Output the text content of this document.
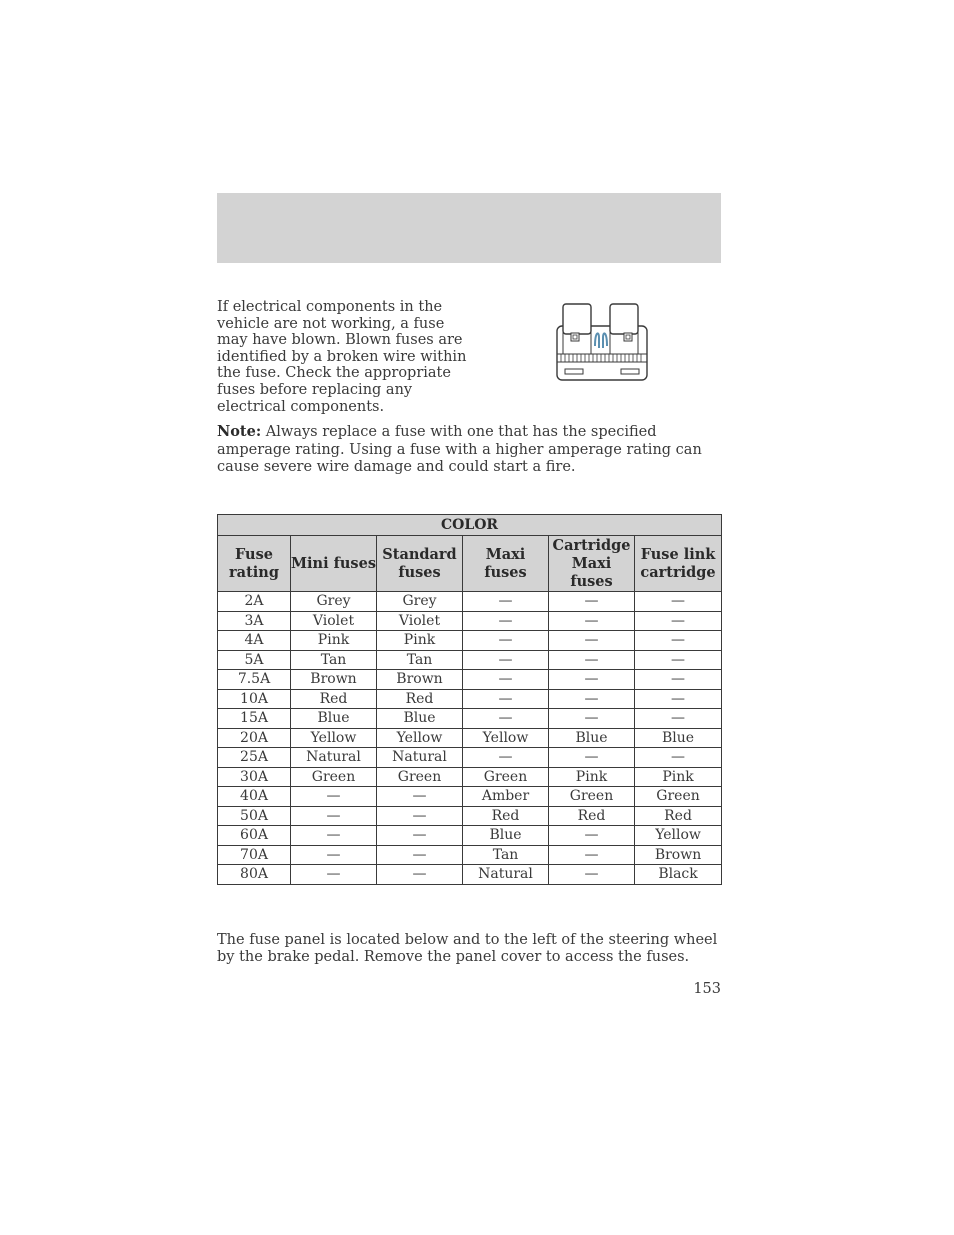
If electrical components in the vehicle are not working, a fuse may have blown. Blown fuses are identified by a broken wire within the fuse. Check the appropriate fuses before replacing any electrical components.
Note: Always replace a fuse with one that has the specified amperage rating. Using a fuse with a higher amperage rating can cause severe wire damage and could start a fire.
COLOR					
Fuse rating	Mini fuses	Standard fuses	Maxi fuses	Cartridge Maxi fuses	Fuse link cartridge
2A	Grey	Grey	—	—	—
3A	Violet	Violet	—	—	—
4A	Pink	Pink	—	—	—
5A	Tan	Tan	—	—	—
7.5A	Brown	Brown	—	—	—
10A	Red	Red	—	—	—
15A	Blue	Blue	—	—	—
20A	Yellow	Yellow	Yellow	Blue	Blue
25A	Natural	Natural	—	—	—
30A	Green	Green	Green	Pink	Pink
40A	—	—	Amber	Green	Green
50A	—	—	Red	Red	Red
60A	—	—	Blue	—	Yellow
70A	—	—	Tan	—	Brown
80A	—	—	Natural	—	Black
The fuse panel is located below and to the left of the steering wheel by the brake pedal. Remove the panel cover to access the fuses.
153
